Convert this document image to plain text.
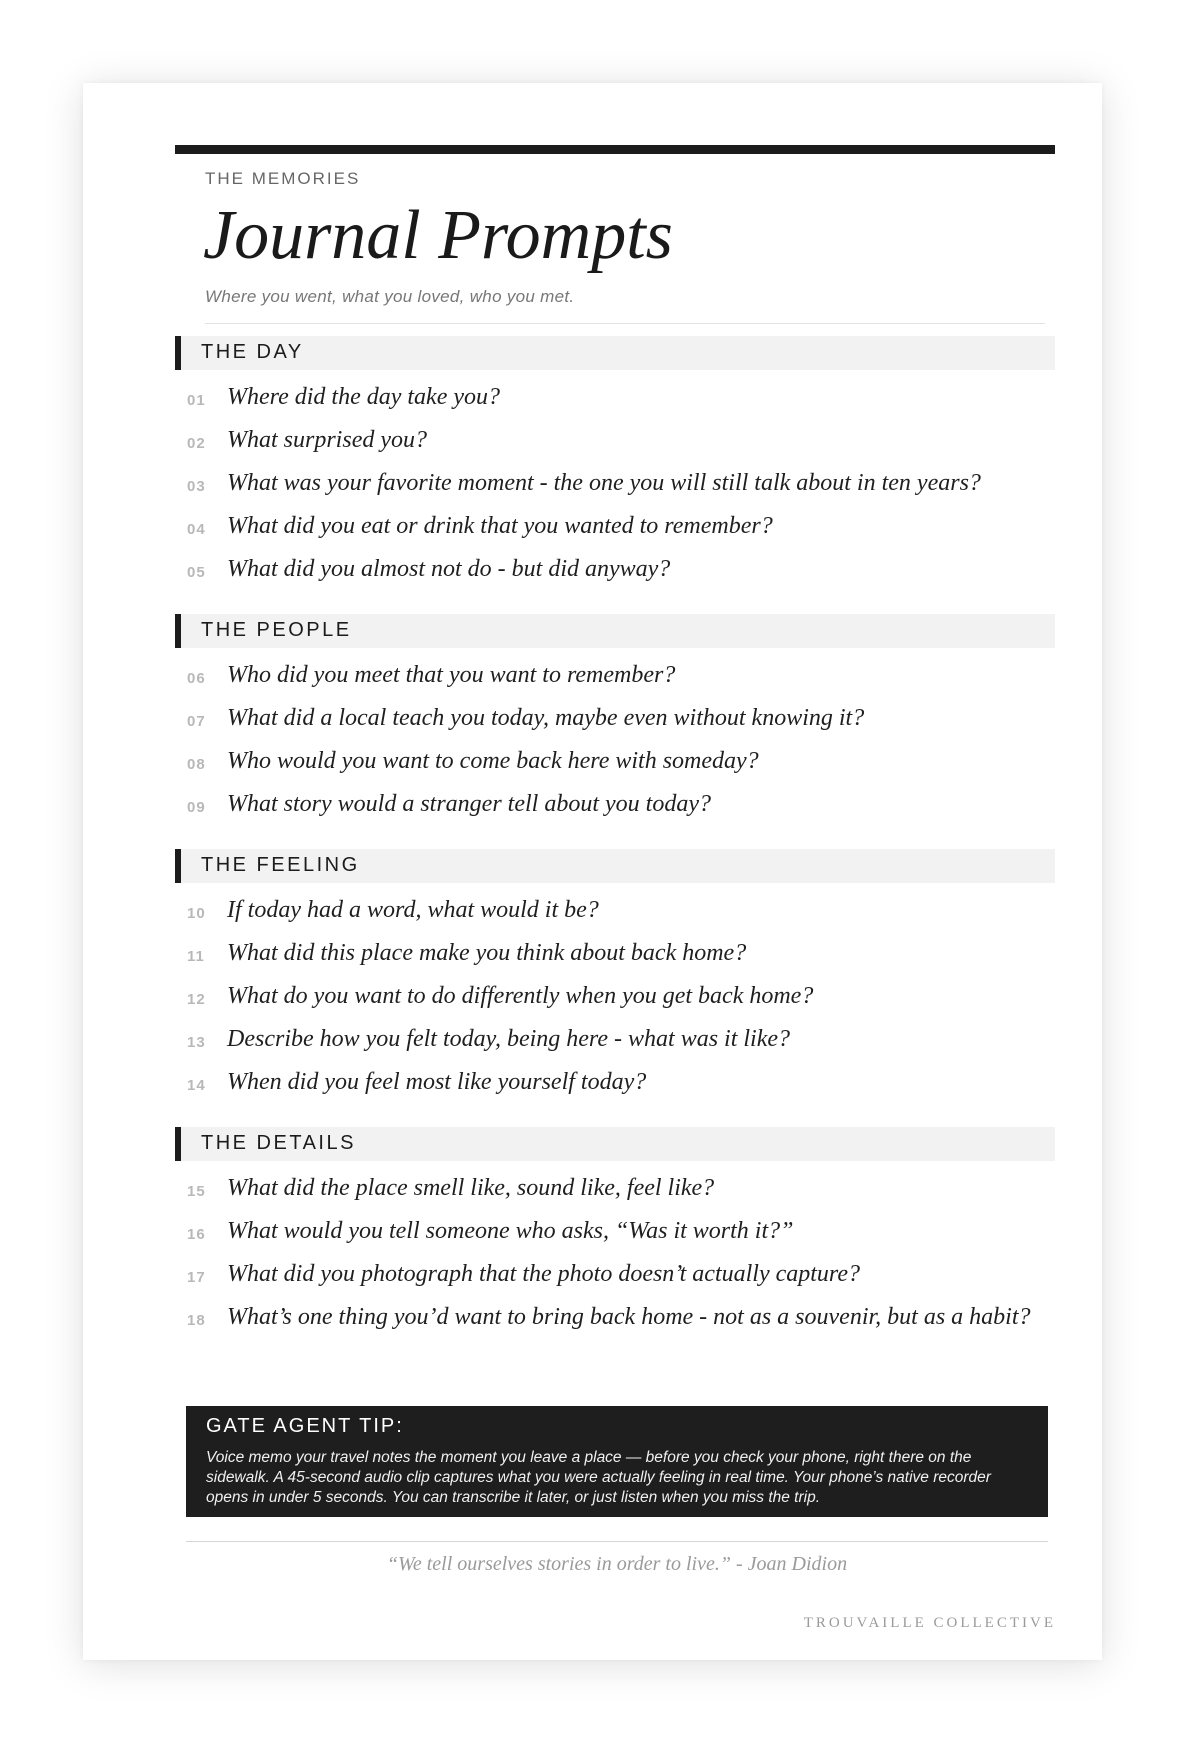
THE MEMORIES
Journal Prompts
Where you went, what you loved, who you met.
THE DAY
01 Where did the day take you?
02 What surprised you?
03 What was your favorite moment - the one you will still talk about in ten years?
04 What did you eat or drink that you wanted to remember?
05 What did you almost not do - but did anyway?
THE PEOPLE
06 Who did you meet that you want to remember?
07 What did a local teach you today, maybe even without knowing it?
08 Who would you want to come back here with someday?
09 What story would a stranger tell about you today?
THE FEELING
10 If today had a word, what would it be?
11 What did this place make you think about back home?
12 What do you want to do differently when you get back home?
13 Describe how you felt today, being here - what was it like?
14 When did you feel most like yourself today?
THE DETAILS
15 What did the place smell like, sound like, feel like?
16 What would you tell someone who asks, “Was it worth it?”
17 What did you photograph that the photo doesn’t actually capture?
18 What’s one thing you’d want to bring back home - not as a souvenir, but as a habit?
GATE AGENT TIP:
Voice memo your travel notes the moment you leave a place — before you check your phone, right there on the sidewalk. A 45-second audio clip captures what you were actually feeling in real time. Your phone’s native recorder opens in under 5 seconds. You can transcribe it later, or just listen when you miss the trip.
“We tell ourselves stories in order to live.” - Joan Didion
TROUVAILLE COLLECTIVE
